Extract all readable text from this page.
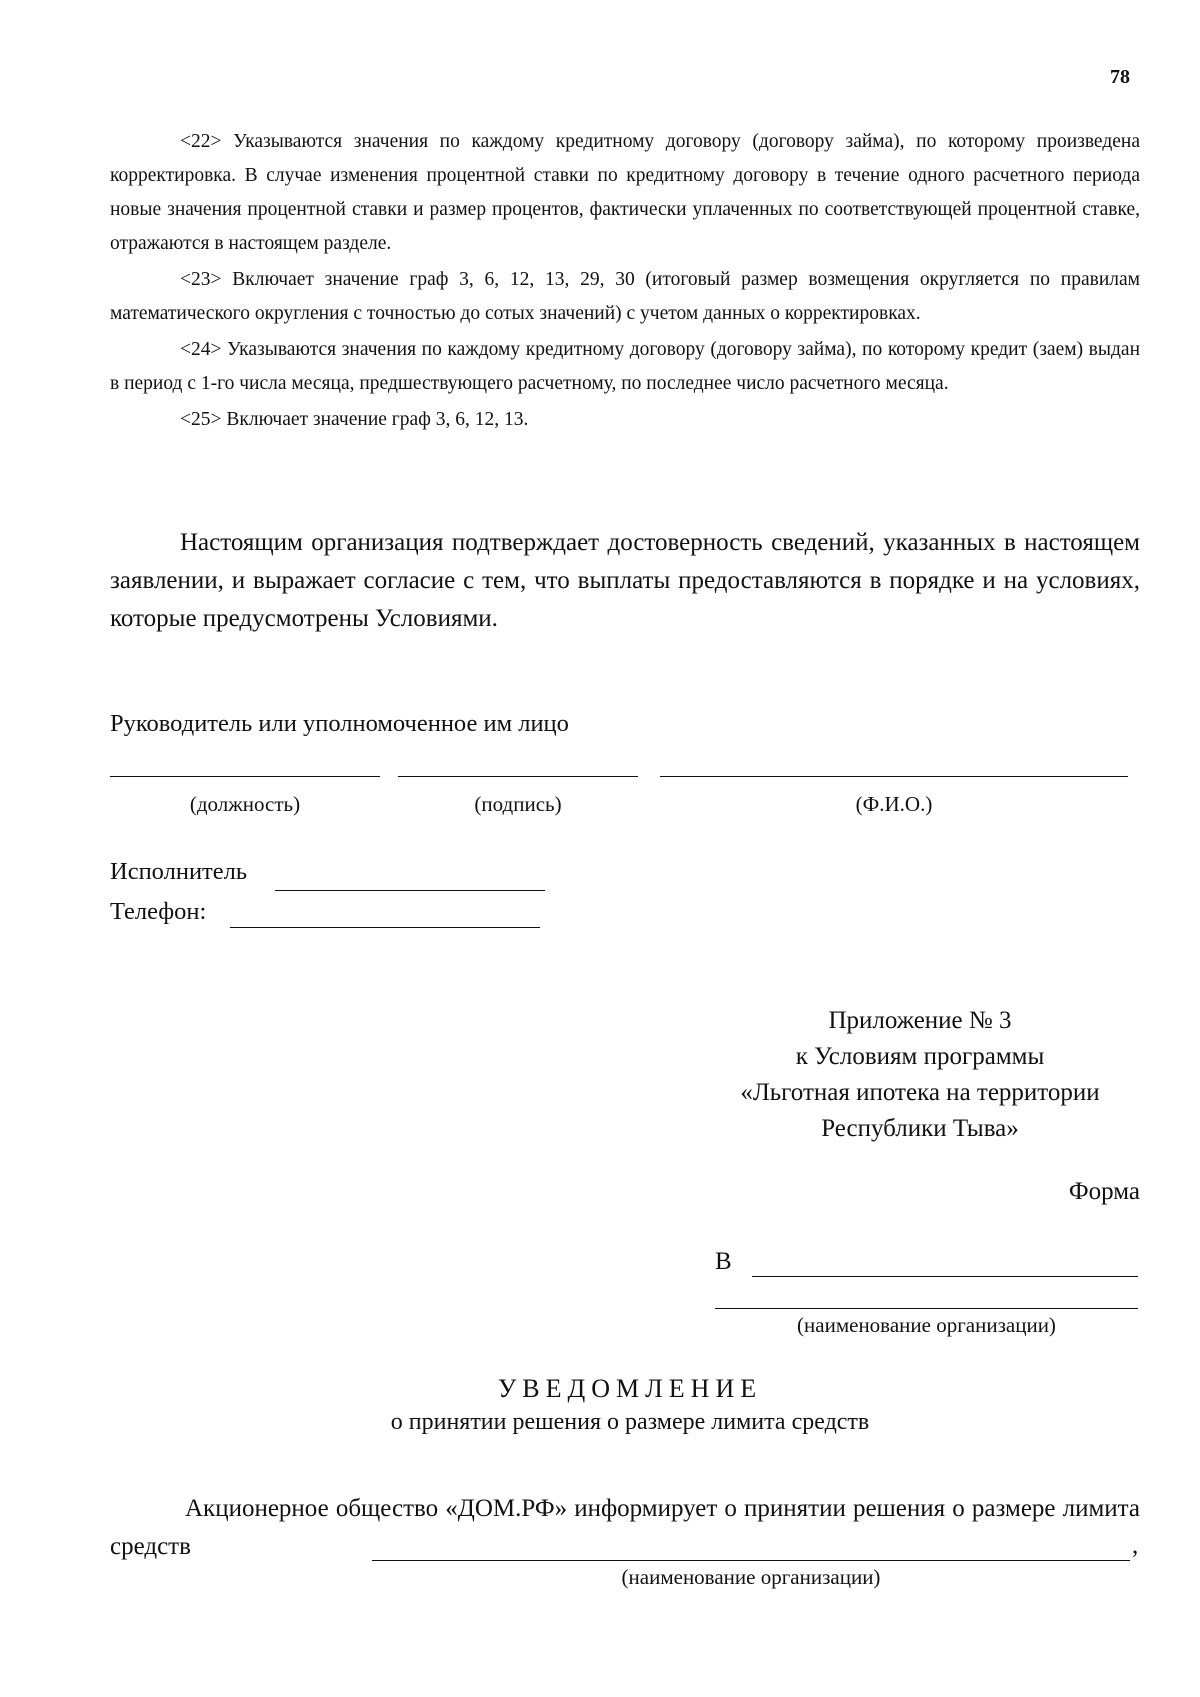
78

<22> Указываются значения по каждому кредитному договору (договору займа), по которому произведена корректировка. В случае изменения процентной ставки по кредитному договору в течение одного расчетного периода новые значения процентной ставки и размер процентов, фактически уплаченных по соответствующей процентной ставке, отражаются в настоящем разделе.

<23> Включает значение граф 3, 6, 12, 13, 29, 30 (итоговый размер возмещения округляется по правилам математического округления с точностью до сотых значений) с учетом данных о корректировках.

<24> Указываются значения по каждому кредитному договору (договору займа), по которому кредит (заем) выдан в период с 1-го числа месяца, предшествующего расчетному, по последнее число расчетного месяца.

<25> Включает значение граф 3, 6, 12, 13.

Настоящим организация подтверждает достоверность сведений, указанных в настоящем заявлении, и выражает согласие с тем, что выплаты предоставляются в порядке и на условиях, которые предусмотрены Условиями.

Руководитель или уполномоченное им лицо
(должность)	(подпись)	(Ф.И.О.)
Исполнитель
Телефон:
Приложение № 3
к Условиям программы
«Льготная ипотека на территории
Республики Тыва»
Форма
В
(наименование организации)
УВЕДОМЛЕНИЕ
о принятии решения о размере лимита средств

Акционерное общество «ДОМ.РФ» информирует о принятии решения о размере лимита средств	,
(наименование организации)
